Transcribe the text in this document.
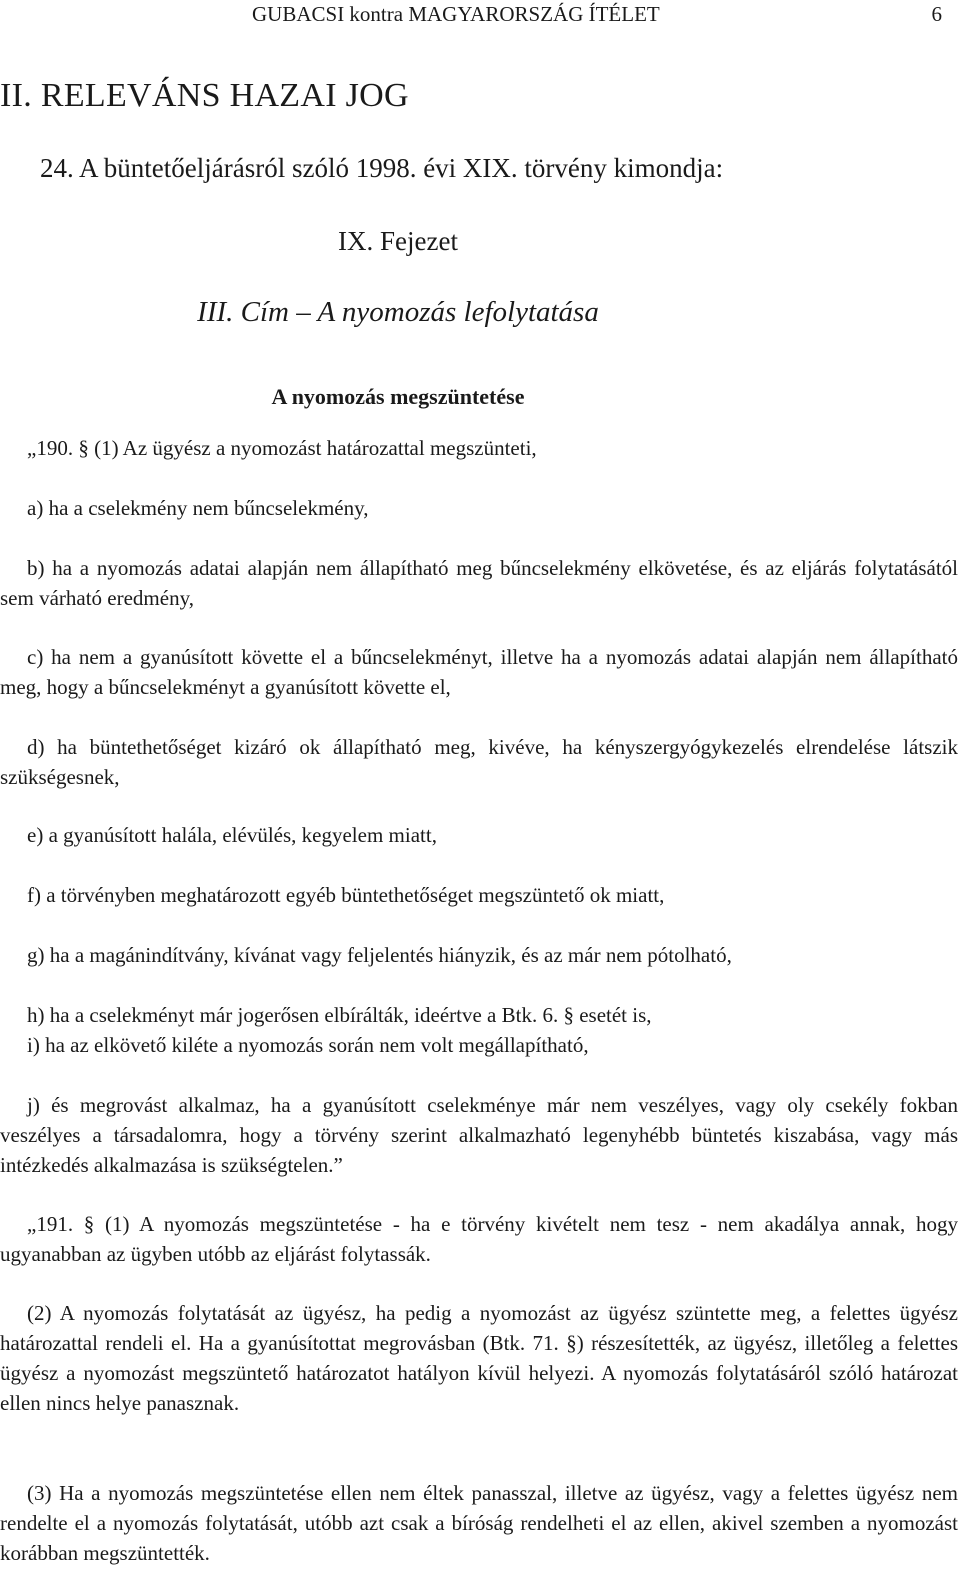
GUBACSI kontra MAGYARORSZÁG ÍTÉLET	6
II. RELEVÁNS HAZAI JOG
24. A büntetőeljárásról szóló 1998. évi XIX. törvény kimondja:
IX. Fejezet
III. Cím – A nyomozás lefolytatása
A nyomozás megszüntetése
„190. § (1) Az ügyész a nyomozást határozattal megszünteti,
a) ha a cselekmény nem bűncselekmény,
b) ha a nyomozás adatai alapján nem állapítható meg bűncselekmény elkövetése, és az eljárás folytatásától sem várható eredmény,
c) ha nem a gyanúsított követte el a bűncselekményt, illetve ha a nyomozás adatai alapján nem állapítható meg, hogy a bűncselekményt a gyanúsított követte el,
d) ha büntethetőséget kizáró ok állapítható meg, kivéve, ha kényszergyógykezelés elrendelése látszik szükségesnek,
e) a gyanúsított halála, elévülés, kegyelem miatt,
f) a törvényben meghatározott egyéb büntethetőséget megszüntető ok miatt,
g) ha a magánindítvány, kívánat vagy feljelentés hiányzik, és az már nem pótolható,
h) ha a cselekményt már jogerősen elbírálták, ideértve a Btk. 6. § esetét is,
i) ha az elkövető kiléte a nyomozás során nem volt megállapítható,
j) és megrovást alkalmaz, ha a gyanúsított cselekménye már nem veszélyes, vagy oly csekély fokban veszélyes a társadalomra, hogy a törvény szerint alkalmazható legenyhébb büntetés kiszabása, vagy más intézkedés alkalmazása is szükségtelen.”
„191. § (1) A nyomozás megszüntetése - ha e törvény kivételt nem tesz - nem akadálya annak, hogy ugyanabban az ügyben utóbb az eljárást folytassák.
(2) A nyomozás folytatását az ügyész, ha pedig a nyomozást az ügyész szüntette meg, a felettes ügyész határozattal rendeli el. Ha a gyanúsítottat megrovásban (Btk. 71. §) részesítették, az ügyész, illetőleg a felettes ügyész a nyomozást megszüntető határozatot hatályon kívül helyezi. A nyomozás folytatásáról szóló határozat ellen nincs helye panasznak.
(3) Ha a nyomozás megszüntetése ellen nem éltek panasszal, illetve az ügyész, vagy a felettes ügyész nem rendelte el a nyomozás folytatását, utóbb azt csak a bíróság rendelheti el az ellen, akivel szemben a nyomozást korábban megszüntették.
